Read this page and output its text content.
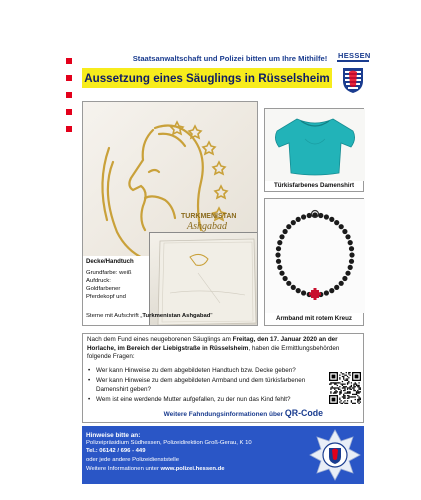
Staatsanwaltschaft und Polizei bitten um Ihre Mithilfe!	HESSEN
Aussetzung eines Säuglings in Rüsselsheim
TURKMENISTAN
Ashgabad
Decke/Handtuch
Grundfarbe: weiß
Aufdruck:
Goldfarbener
Pferdekopf und
Sterne mit Aufschrift „Turkmenistan Ashgabad"
Türkisfarbenes Damenshirt
Armband mit rotem Kreuz
Nach dem Fund eines neugeborenen Säuglings am Freitag, den 17. Januar 2020 an der Horlache, im Bereich der Liebigstraße in Rüsselsheim, haben die Ermittlungsbehörden folgende Fragen:
• Wer kann Hinweise zu dem abgebildeten Handtuch bzw. Decke geben?
• Wer kann Hinweise zu dem abgebildeten Armband und dem türkisfarbenen Damenshirt geben?
• Wem ist eine werdende Mutter aufgefallen, zu der nun das Kind fehlt?
Weitere Fahndungsinformationen über QR-Code
Hinweise bitte an:
Polizeipräsidium Südhessen, Polizeidirektion Groß-Gerau, K 10
Tel.: 06142 / 696 - 449
oder jede andere Polizeidienststelle
Weitere Informationen unter www.polizei.hessen.de
